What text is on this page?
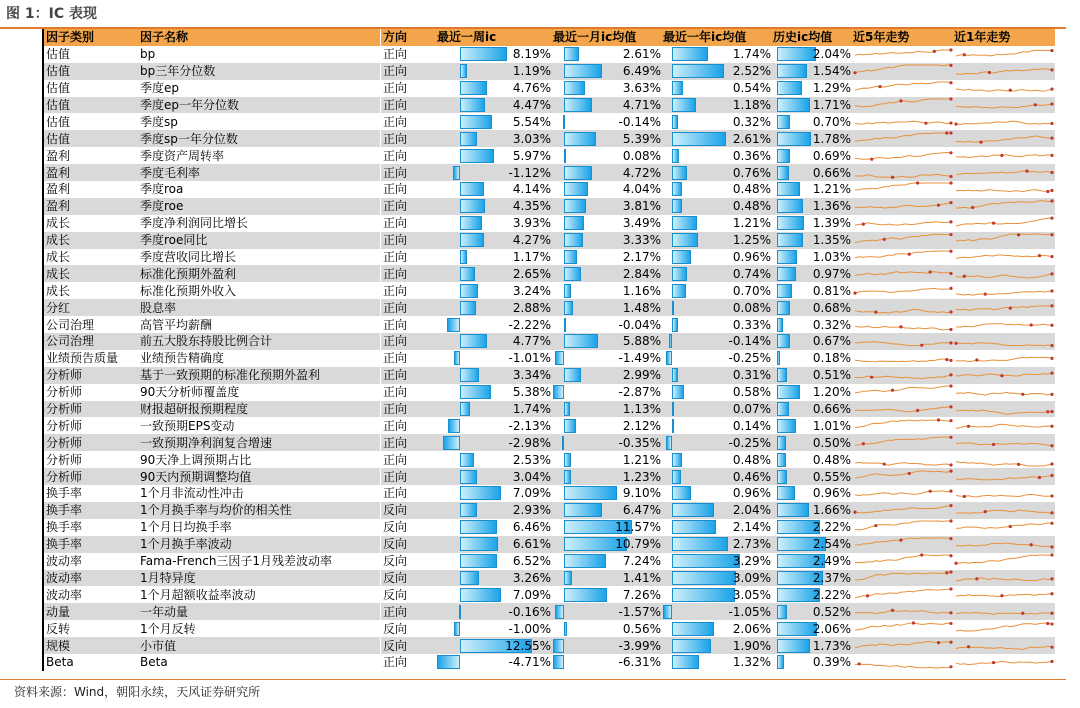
图 1：IC 表现
因子类别	因子名称	方向	最近一周ic	最近一月ic均值	最近一年ic均值	历史ic均值	近5年走势	近1年走势
估值	bp	正向	8.19%	2.61%	1.74%	2.04%

估值	bp三年分位数	正向	1.19%	6.49%	2.52%	1.54%

估值	季度ep	正向	4.76%	3.63%	0.54%	1.29%

估值	季度ep一年分位数	正向	4.47%	4.71%	1.18%	1.71%

估值	季度sp	正向	5.54%	-0.14%	0.32%	0.70%

估值	季度sp一年分位数	正向	3.03%	5.39%	2.61%	1.78%

盈利	季度资产周转率	正向	5.97%	0.08%	0.36%	0.69%

盈利	季度毛利率	正向	-1.12%	4.72%	0.76%	0.66%

盈利	季度roa	正向	4.14%	4.04%	0.48%	1.21%

盈利	季度roe	正向	4.35%	3.81%	0.48%	1.36%

成长	季度净利润同比增长	正向	3.93%	3.49%	1.21%	1.39%

成长	季度roe同比	正向	4.27%	3.33%	1.25%	1.35%

成长	季度营收同比增长	正向	1.17%	2.17%	0.96%	1.03%

成长	标准化预期外盈利	正向	2.65%	2.84%	0.74%	0.97%

成长	标准化预期外收入	正向	3.24%	1.16%	0.70%	0.81%

分红	股息率	正向	2.88%	1.48%	0.08%	0.68%

公司治理	高管平均薪酬	正向	-2.22%	-0.04%	0.33%	0.32%

公司治理	前五大股东持股比例合计	正向	4.77%	5.88%	-0.14%	0.67%

业绩预告质量	业绩预告精确度	正向	-1.01%	-1.49%	-0.25%	0.18%

分析师	基于一致预期的标准化预期外盈利	正向	3.34%	2.99%	0.31%	0.51%

分析师	90天分析师覆盖度	正向	5.38%	-2.87%	0.58%	1.20%

分析师	财报超研报预期程度	正向	1.74%	1.13%	0.07%	0.66%

分析师	一致预期EPS变动	正向	-2.13%	2.12%	0.14%	1.01%

分析师	一致预期净利润复合增速	正向	-2.98%	-0.35%	-0.25%	0.50%

分析师	90天净上调预期占比	正向	2.53%	1.21%	0.48%	0.48%

分析师	90天内预期调整均值	正向	3.04%	1.23%	0.46%	0.55%

换手率	1个月非流动性冲击	正向	7.09%	9.10%	0.96%	0.96%

换手率	1个月换手率与均价的相关性	反向	2.93%	6.47%	2.04%	1.66%

换手率	1个月日均换手率	反向	6.46%	11.57%	2.14%	2.22%

换手率	1个月换手率波动	反向	6.61%	10.79%	2.73%	2.54%

波动率	Fama-French三因子1月残差波动率	反向	6.52%	7.24%	3.29%	2.49%

波动率	1月特异度	反向	3.26%	1.41%	3.09%	2.37%

波动率	1个月超额收益率波动	反向	7.09%	7.26%	3.05%	2.22%

动量	一年动量	正向	-0.16%	-1.57%	-1.05%	0.52%

反转	1个月反转	反向	-1.00%	0.56%	2.06%	2.06%

规模	小市值	反向	12.55%	-3.99%	1.90%	1.73%

Beta	Beta	正向	-4.71%	-6.31%	1.32%	0.39%

资料来源：Wind，朝阳永续，天风证券研究所
